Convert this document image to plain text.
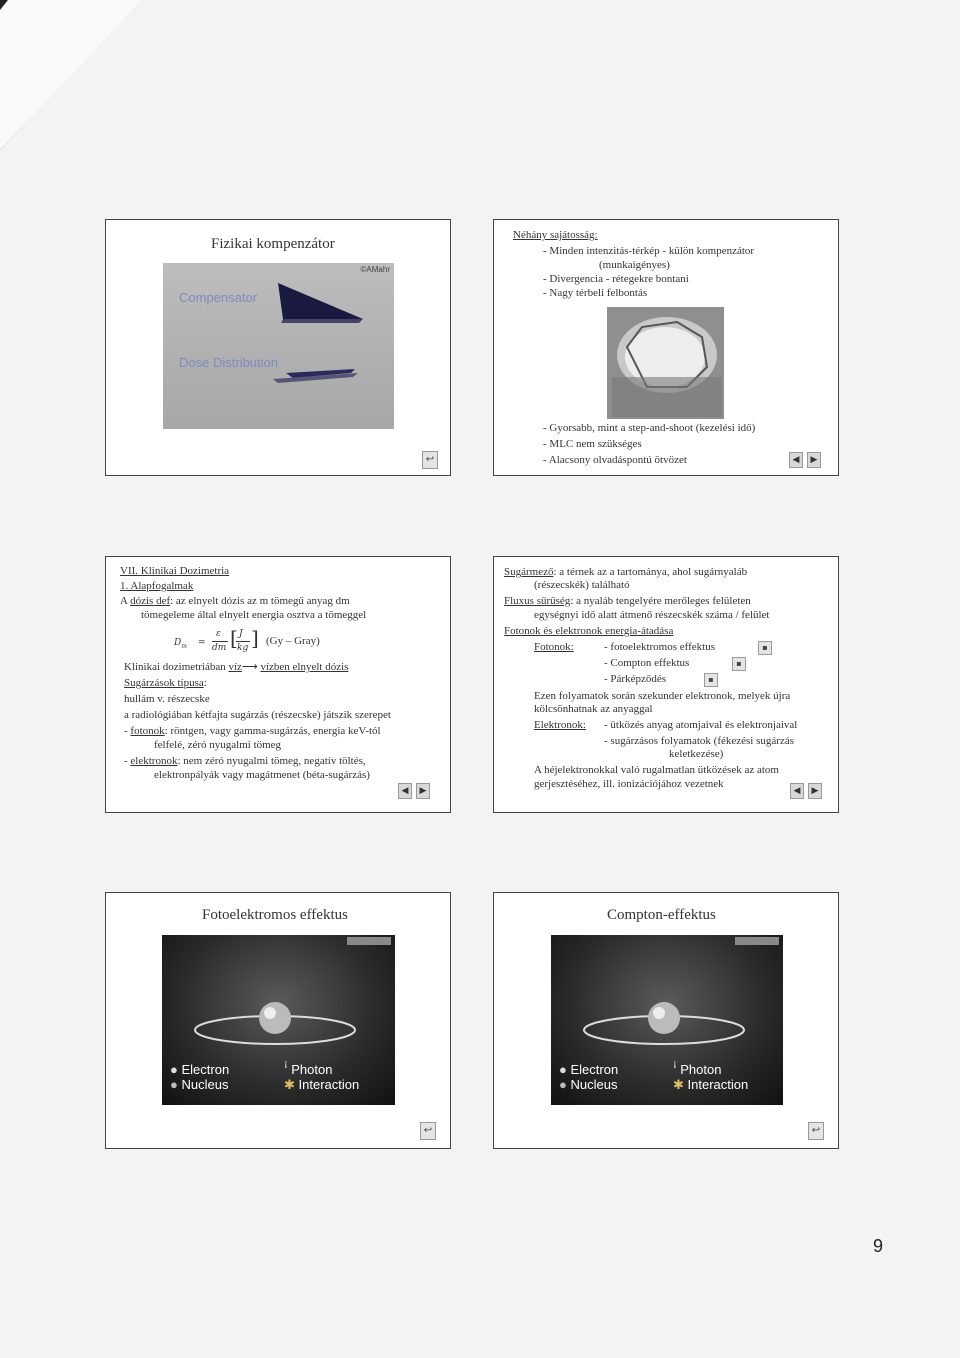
Fizikai kompenzátor
Compensator
©AMahr
Dose Distribution
↩
Néhány sajátosság:
- Minden intenzitás-térkép - külön kompenzátor
(munkaigényes)
- Divergencia - rétegekre bontani
- Nagy térbeli felbontás
- Gyorsabb, mint a step-and-shoot (kezelési idő)
- MLC nem szükséges
- Alacsony olvadáspontú ötvözet	◀ ▶
VII. Klinikai Dozimetria
1. Alapfogalmak
A dózis def: az elnyelt dózis az m tömegű anyag dm
tömegeleme által elnyelt energia osztva a tömeggel
$D_m$ =
ε
dm [ J
kg ] (Gy – Gray)
Klinikai dozimetriában víz⟶ vízben elnyelt dózis
Sugárzások típusa:
hullám v. részecske
a radiológiában kétfajta sugárzás (részecske) játszik szerepet
- fotonok: röntgen, vagy gamma-sugárzás, energia keV-tól
felfelé, zéró nyugalmi tömeg
- elektronok: nem zéró nyugalmi tömeg, negatív töltés,
elektronpályák vagy magátmenet (béta-sugárzás)
◀ ▶
Sugármező: a térnek az a tartománya, ahol sugárnyaláb
(részecskék) található
Fluxus sűrűség: a nyaláb tengelyére merőleges felületen
egységnyi idő alatt átmenő részecskék száma / felület
Fotonok és elektronok energia-átadása
Fotonok:	- fotoelektromos effektus
- Compton effektus
- Párképződés
▪
▪
▪
Ezen folyamatok során szekunder elektronok, melyek újra
kölcsönhatnak az anyaggal
Elektronok: - ütközés anyag atomjaival és elektronjaival
- sugárzásos folyamatok (fékezési sugárzás
keletkezése)
A héjelektronokkal való rugalmatlan ütközések az atom
gerjesztéséhez, ill. ionizációjához vezetnek
◀ ▶
Fotoelektromos effektus
● Electron
● Nucleus
ꜞ Photon
✱ Interaction
↩
Compton-effektus
● Electron
● Nucleus
ꜞ Photon
✱ Interaction
↩
9
